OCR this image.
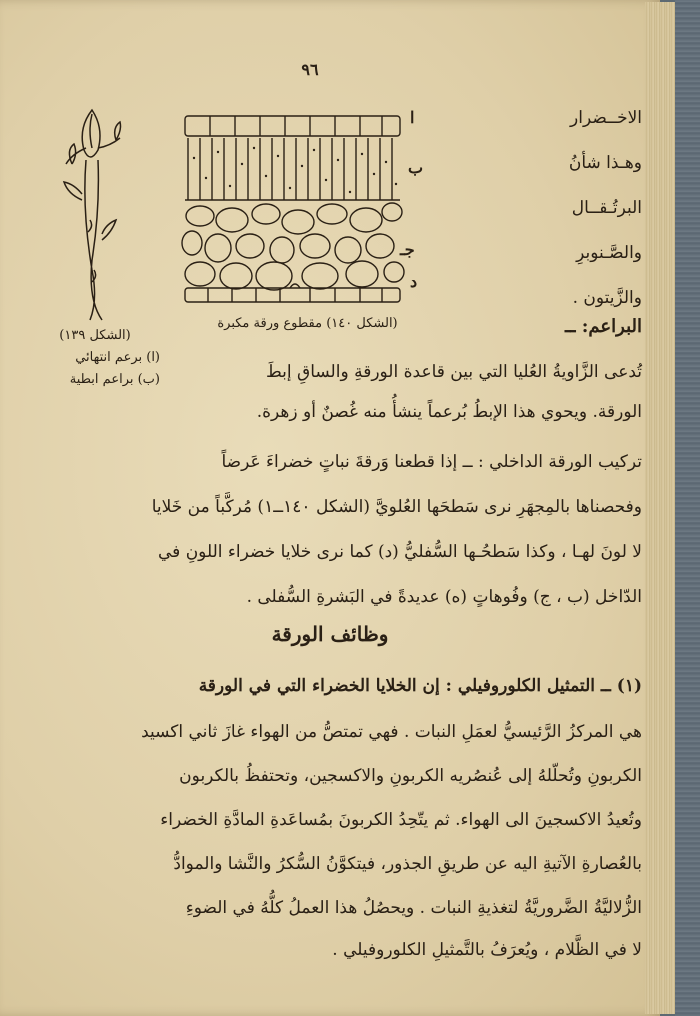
٩٦
الاخــضرار
وهـذا شأنُ
البرتُـقــال
والصَّـنوبرِ
والزَّيتون .
ا
ب
جـ
د
(الشكل ١٤٠) مقطوع ورقة مكبرة
(الشكل ١٣٩)
(ا) برعم انتهائي
(ب) براعم ابطية
البراعم: ــ
تُدعى الزَّاويةُ العُليا التي بين قاعدة الورقةِ والساقِ إبطَ
الورقة. ويحوي هذا الإبطُ بُرعماً ينشأُ منه غُصنٌ أو زهرة.
تركيب الورقة الداخلي : ــ إذا قطعنا وَرقةَ نباتٍ خضراءَ عَرضاً
وفحصناها بالمِجهَرِ نرى سَطحَها العُلويَّ (الشكل ١٤٠ــ١) مُركَّباً من خَلايا
لا لونَ لهـا ، وكذا سَطحُـها السُّفليُّ (د) كما نرى خلايا خضراء اللونِ في
الدّاخل (ب ، ج) وفُوهاتٍ (ه) عديدةً في البَشرةِ السُّفلى .
وظائف الورقة
(١) ــ التمثيل الكلوروفيلي : إن الخلايا الخضراء التي في الورقة
هي المركزُ الرَّئيسيُّ لعمَلِ النبات . فهي تمتصُّ من الهواء غازَ ثاني اكسيد
الكربونِ وتُحلّلهُ إلى عُنصُريه الكربونِ والاكسجين، وتحتفظُ بالكربون
وتُعيدُ الاكسجينَ الى الهواء. ثم يتّحِدُ الكربونَ بمُساعَدةِ المادَّةِ الخضراء
بالعُصارةِ الآتيةِ اليه عن طريقِ الجذور، فيتكوَّنُ السُّكرُ والنَّشا والموادُّ
الزُّلاليَّةُ الضَّروريَّةُ لتغذيةِ النبات . ويحصُلُ هذا العملُ كلُّهُ في الضوءِ
لا في الظَّلام ، ويُعرَفُ بالتَّمثيلِ الكلوروفيلي .
